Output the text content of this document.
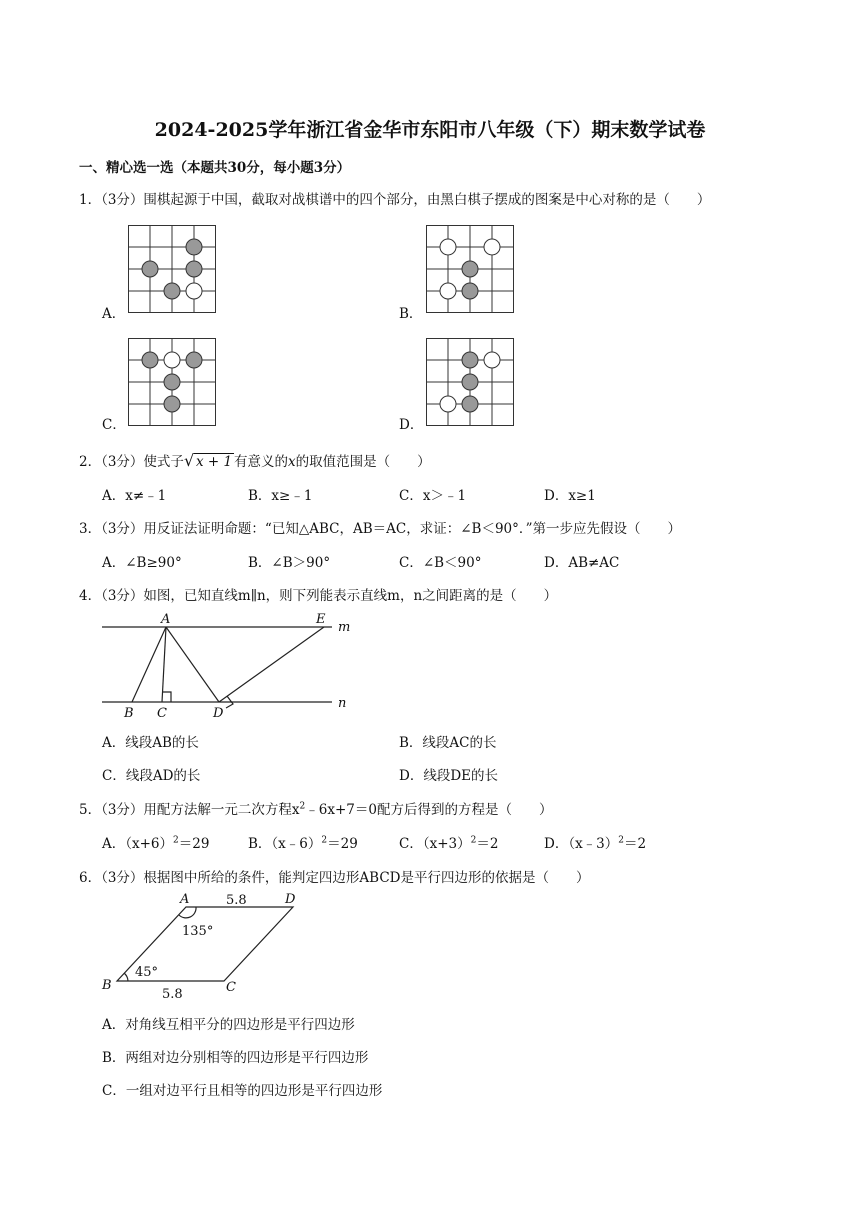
2024-2025学年浙江省金华市东阳市八年级（下）期末数学试卷
一、精心选一选（本题共30分，每小题3分）
1．（3分）围棋起源于中国，截取对战棋谱中的四个部分，由黑白棋子摆成的图案是中心对称的是（　　）
A．	B．
C．	D．
2．（3分）使式子 √ x + 1 有意义的x的取值范围是（　　）
A．x≠﹣1	B．x≥﹣1	C．x＞﹣1	D．x≥1
3．（3分）用反证法证明命题：“已知△ABC，AB＝AC，求证：∠B＜90°．”第一步应先假设（　　）
A．∠B≥90°	B．∠B＞90°	C．∠B＜90°	D．AB≠AC
4．（3分）如图，已知直线m∥n，则下列能表示直线m，n之间距离的是（　　）
A	E
m
B C	D
n
A．线段AB的长	B．线段AC的长
C．线段AD的长	D．线段DE的长
5．（3分）用配方法解一元二次方程$x^2﹣6x+7=0$配方后得到的方程是（　　）
A．$(x+6)^2=29$	B．（x﹣6）$^2$＝29	C．$(x+3)^2=2$	D．（x﹣3）$^2$＝2
6．（3分）根据图中所给的条件，能判定四边形ABCD是平行四边形的依据是（　　）
A	5.8	D
135°
B
45°
5.8	C
A．对角线互相平分的四边形是平行四边形
B．两组对边分别相等的四边形是平行四边形
C．一组对边平行且相等的四边形是平行四边形
